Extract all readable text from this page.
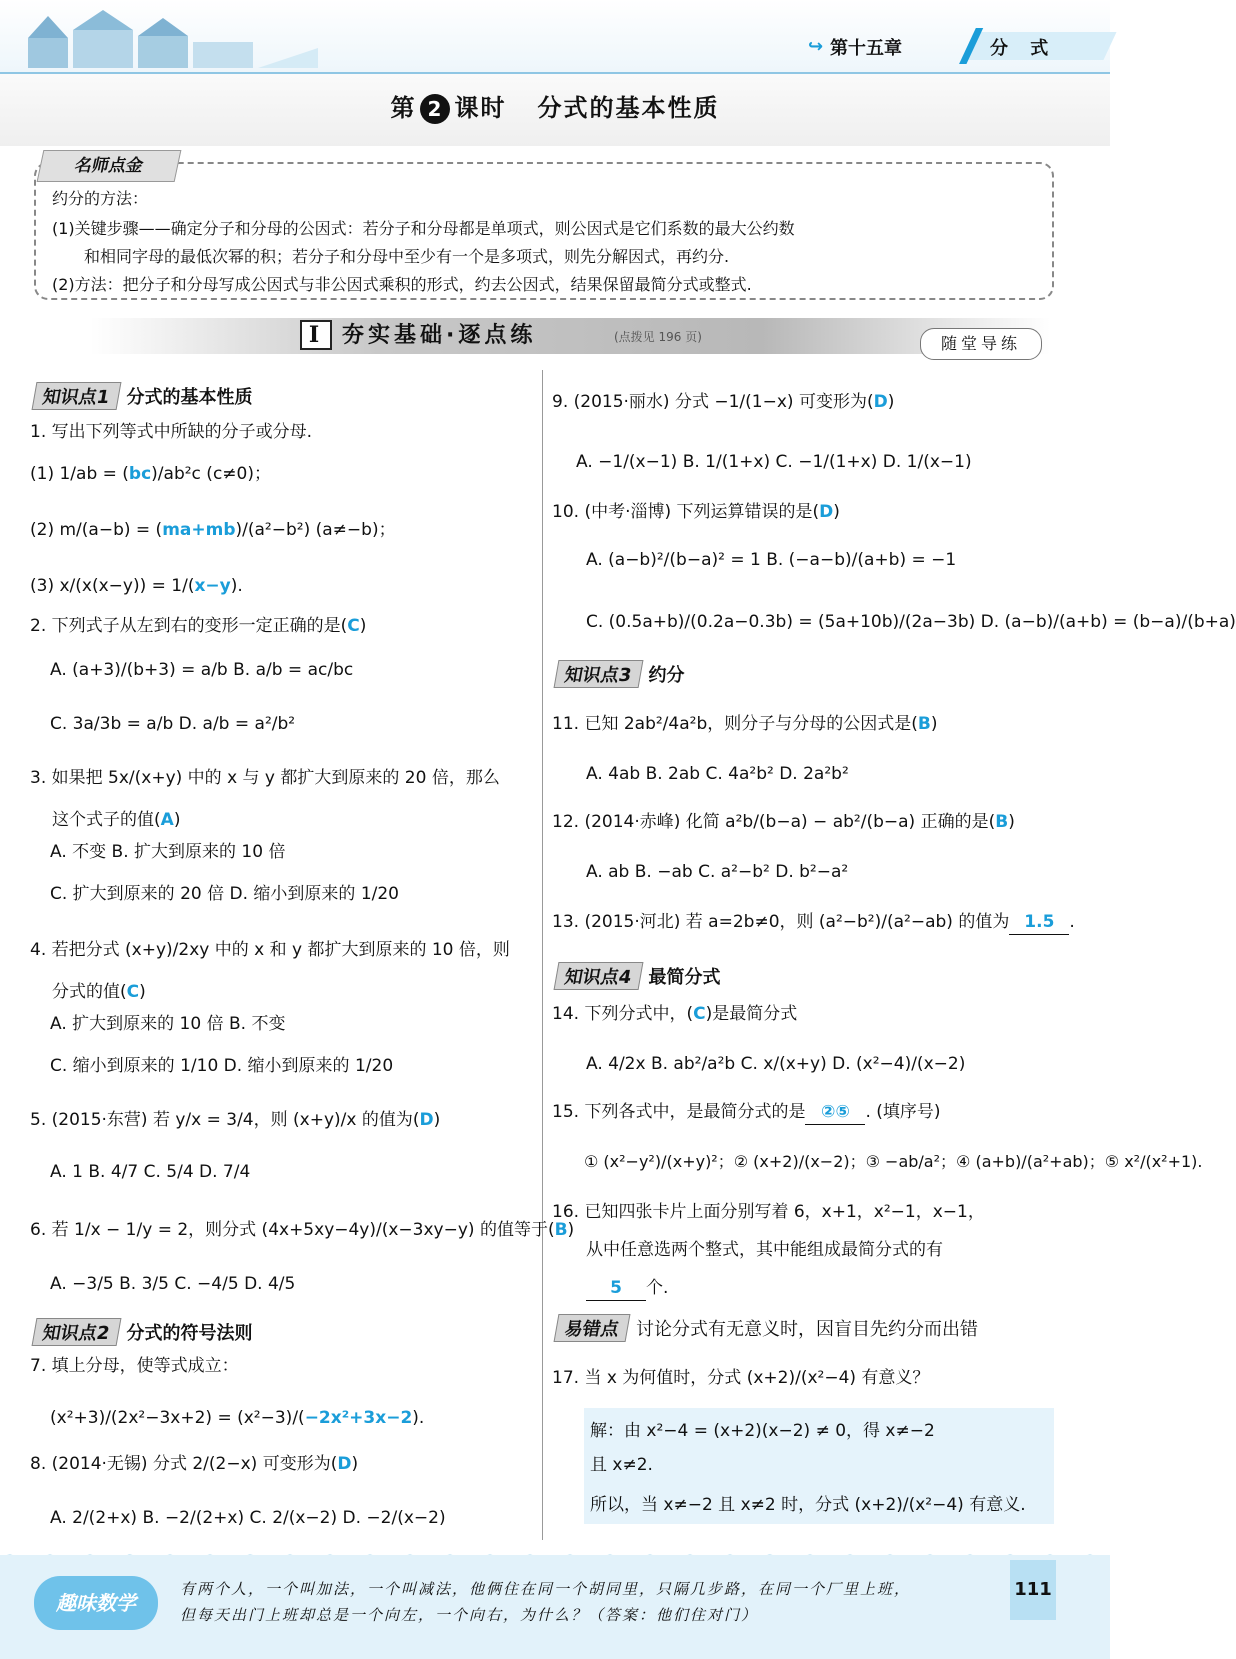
↪ 第十五章	分 式
第 2 课时 分式的基本性质
名师点金
约分的方法：
(1)关键步骤——确定分子和分母的公因式：若分子和分母都是单项式，则公因式是它们系数的最大公约数
和相同字母的最低次幂的积；若分子和分母中至少有一个是多项式，则先分解因式，再约分.
(2)方法：把分子和分母写成公因式与非公因式乘积的形式，约去公因式，结果保留最简分式或整式.
I 夯实基础·逐点练	(点拨见 196 页)	随堂导练
知识点1 分式的基本性质
1. 写出下列等式中所缺的分子或分母.
(1) 1/ab = (bc)/ab²c (c≠0)；
(2) m/(a−b) = (ma+mb)/(a²−b²) (a≠−b)；
(3) x/(x(x−y)) = 1/(x−y).
2. 下列式子从左到右的变形一定正确的是(C)
A. (a+3)/(b+3) = a/b B. a/b = ac/bc
C. 3a/3b = a/b D. a/b = a²/b²
3. 如果把 5x/(x+y) 中的 x 与 y 都扩大到原来的 20 倍，那么
这个式子的值(A)
A. 不变 B. 扩大到原来的 10 倍
C. 扩大到原来的 20 倍 D. 缩小到原来的 1/20
4. 若把分式 (x+y)/2xy 中的 x 和 y 都扩大到原来的 10 倍，则
分式的值(C)
A. 扩大到原来的 10 倍 B. 不变
C. 缩小到原来的 1/10 D. 缩小到原来的 1/20
5. (2015·东营) 若 y/x = 3/4，则 (x+y)/x 的值为(D)
A. 1 B. 4/7 C. 5/4 D. 7/4
6. 若 1/x − 1/y = 2，则分式 (4x+5xy−4y)/(x−3xy−y) 的值等于(B)
A. −3/5 B. 3/5 C. −4/5 D. 4/5
知识点2 分式的符号法则
7. 填上分母，使等式成立：
(x²+3)/(2x²−3x+2) = (x²−3)/(−2x²+3x−2).
8. (2014·无锡) 分式 2/(2−x) 可变形为(D)
A. 2/(2+x) B. −2/(2+x) C. 2/(x−2) D. −2/(x−2)
9. (2015·丽水) 分式 −1/(1−x) 可变形为(D)
A. −1/(x−1) B. 1/(1+x) C. −1/(1+x) D. 1/(x−1)
10. (中考·淄博) 下列运算错误的是(D)
A. (a−b)²/(b−a)² = 1 B. (−a−b)/(a+b) = −1
C. (0.5a+b)/(0.2a−0.3b) = (5a+10b)/(2a−3b) D. (a−b)/(a+b) = (b−a)/(b+a)
知识点3 约分
11. 已知 2ab²/4a²b，则分子与分母的公因式是(B)
A. 4ab B. 2ab C. 4a²b² D. 2a²b²
12. (2014·赤峰) 化简 a²b/(b−a) − ab²/(b−a) 正确的是(B)
A. ab B. −ab C. a²−b² D. b²−a²
13. (2015·河北) 若 a=2b≠0，则 (a²−b²)/(a²−ab) 的值为 1.5 .
知识点4 最简分式
14. 下列分式中，(C)是最简分式
A. 4/2x B. ab²/a²b C. x/(x+y) D. (x²−4)/(x−2)
15. 下列各式中，是最简分式的是 ②⑤ . (填序号)
① (x²−y²)/(x+y)²；② (x+2)/(x−2)；③ −ab/a²；④ (a+b)/(a²+ab)；⑤ x²/(x²+1).
16. 已知四张卡片上面分别写着 6，x+1，x²−1，x−1，
从中任意选两个整式，其中能组成最简分式的有
5 个.
易错点 讨论分式有无意义时，因盲目先约分而出错
17. 当 x 为何值时，分式 (x+2)/(x²−4) 有意义？
解：由 x²−4 = (x+2)(x−2) ≠ 0，得 x≠−2
且 x≠2.
所以，当 x≠−2 且 x≠2 时，分式 (x+2)/(x²−4) 有意义.
趣味数学
有两个人，一个叫加法，一个叫减法，他俩住在同一个胡同里，只隔几步路，在同一个厂里上班，
但每天出门上班却总是一个向左，一个向右，为什么？（答案：他们住对门）
111
